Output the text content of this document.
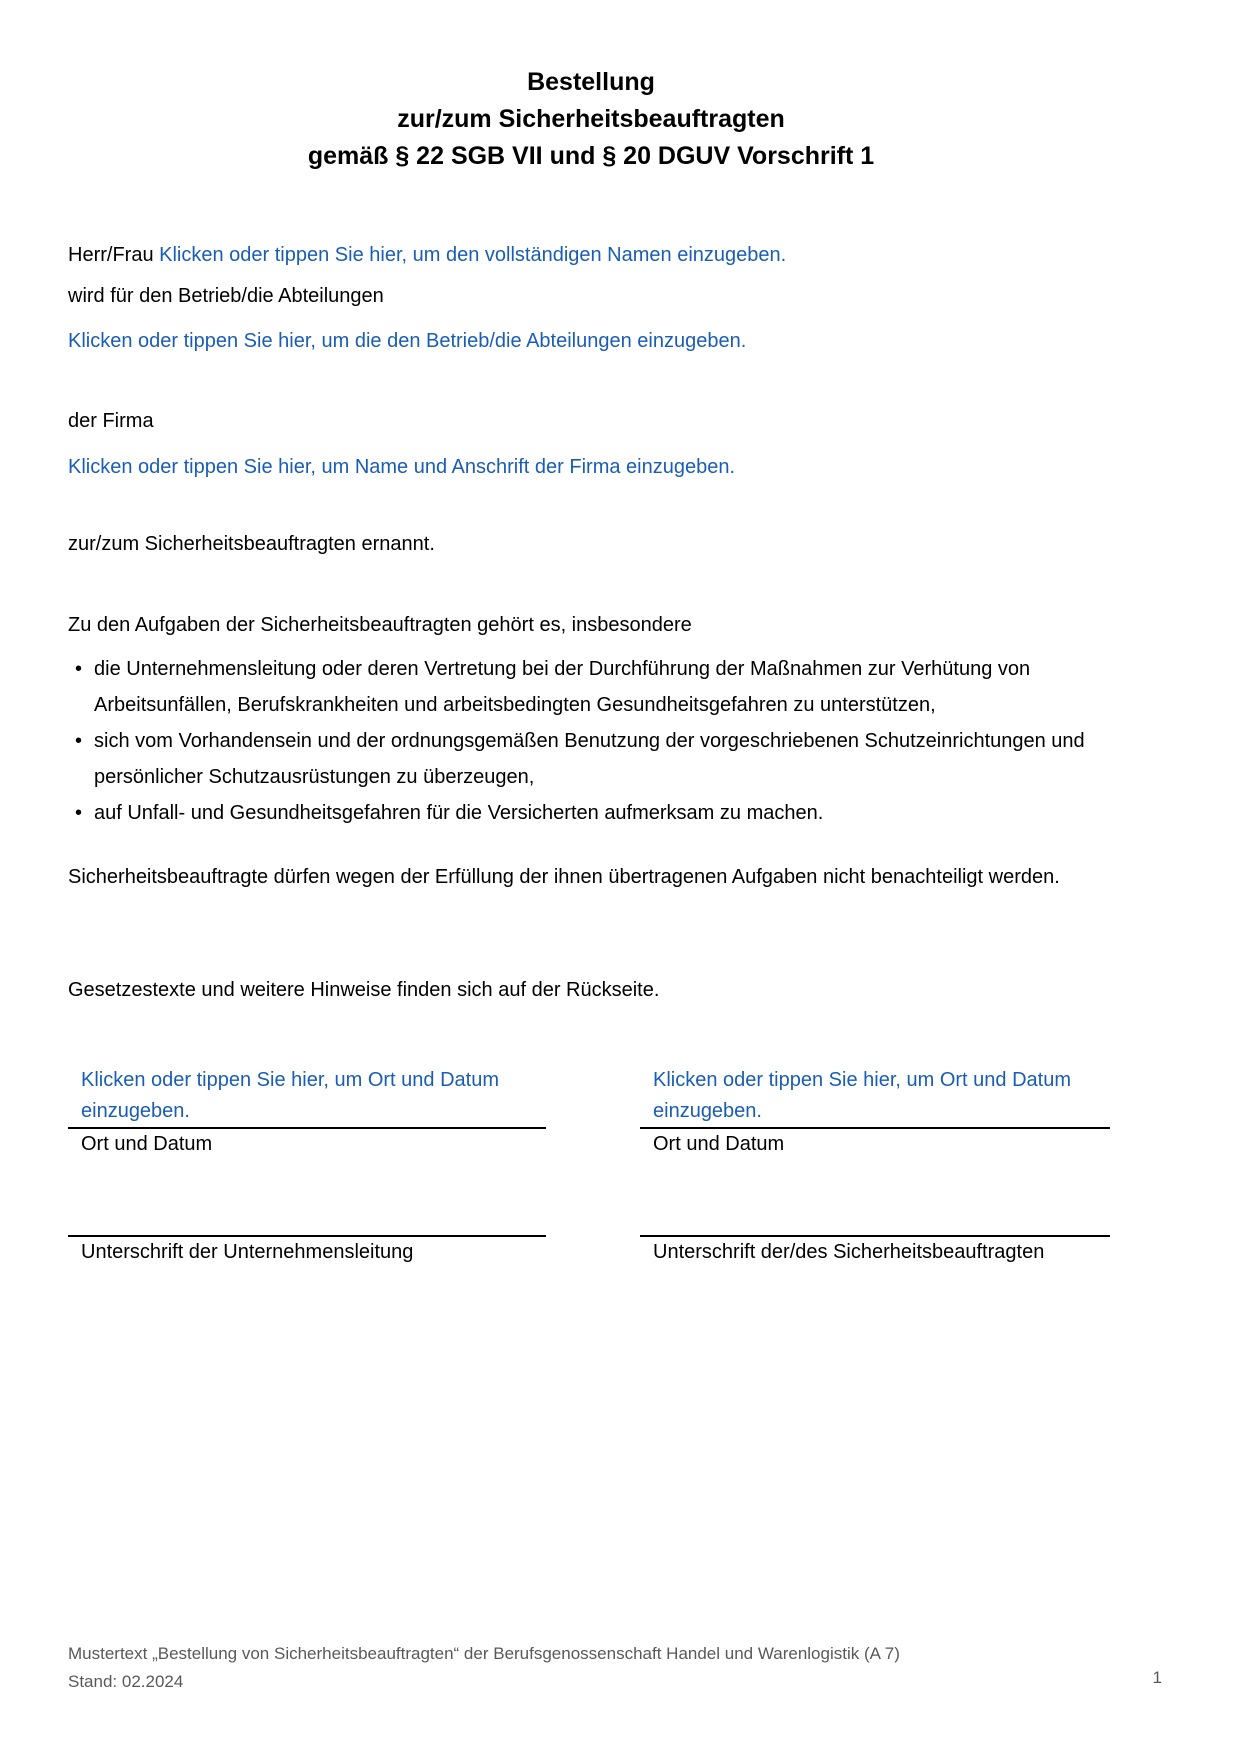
Bestellung
zur/zum Sicherheitsbeauftragten
gemäß § 22 SGB VII und § 20 DGUV Vorschrift 1

Herr/Frau Klicken oder tippen Sie hier, um den vollständigen Namen einzugeben.

wird für den Betrieb/die Abteilungen

Klicken oder tippen Sie hier, um die den Betrieb/die Abteilungen einzugeben.

der Firma

Klicken oder tippen Sie hier, um Name und Anschrift der Firma einzugeben.

zur/zum Sicherheitsbeauftragten ernannt.

Zu den Aufgaben der Sicherheitsbeauftragten gehört es, insbesondere

• die Unternehmensleitung oder deren Vertretung bei der Durchführung der Maßnahmen zur Verhütung von Arbeitsunfällen, Berufskrankheiten und arbeitsbedingten Gesundheitsgefahren zu unterstützen,
• sich vom Vorhandensein und der ordnungsgemäßen Benutzung der vorgeschriebenen Schutzeinrichtungen und persönlicher Schutzausrüstungen zu überzeugen,
• auf Unfall- und Gesundheitsgefahren für die Versicherten aufmerksam zu machen.

Sicherheitsbeauftragte dürfen wegen der Erfüllung der ihnen übertragenen Aufgaben nicht benachteiligt werden.

Gesetzestexte und weitere Hinweise finden sich auf der Rückseite.

Klicken oder tippen Sie hier, um Ort und Datum einzugeben.
Ort und Datum
Klicken oder tippen Sie hier, um Ort und Datum einzugeben.
Ort und Datum
Unterschrift der Unternehmensleitung	Unterschrift der/des Sicherheitsbeauftragten
Mustertext „Bestellung von Sicherheitsbeauftragten“ der Berufsgenossenschaft Handel und Warenlogistik (A 7)
Stand: 02.2024	1
